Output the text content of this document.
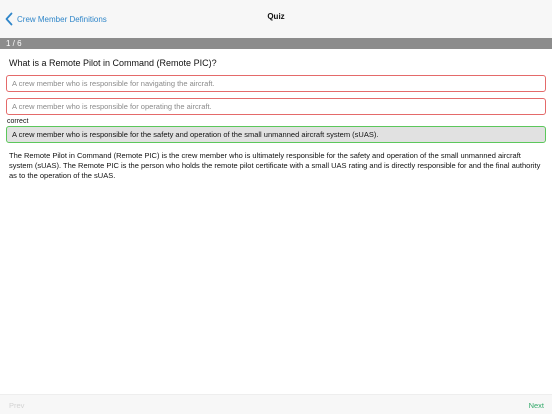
Crew Member Definitions	Quiz
1 / 6
What is a Remote Pilot in Command (Remote PIC)?
A crew member who is responsible for navigating the aircraft.
A crew member who is responsible for operating the aircraft.
correct
A crew member who is responsible for the safety and operation of the small unmanned aircraft system (sUAS).
The Remote Pilot in Command (Remote PIC) is the crew member who is ultimately responsible for the safety and operation of the small unmanned aircraft system (sUAS). The Remote PIC is the person who holds the remote pilot certificate with a small UAS rating and is directly responsible for and the final authority as to the operation of the sUAS.
Prev	Next
